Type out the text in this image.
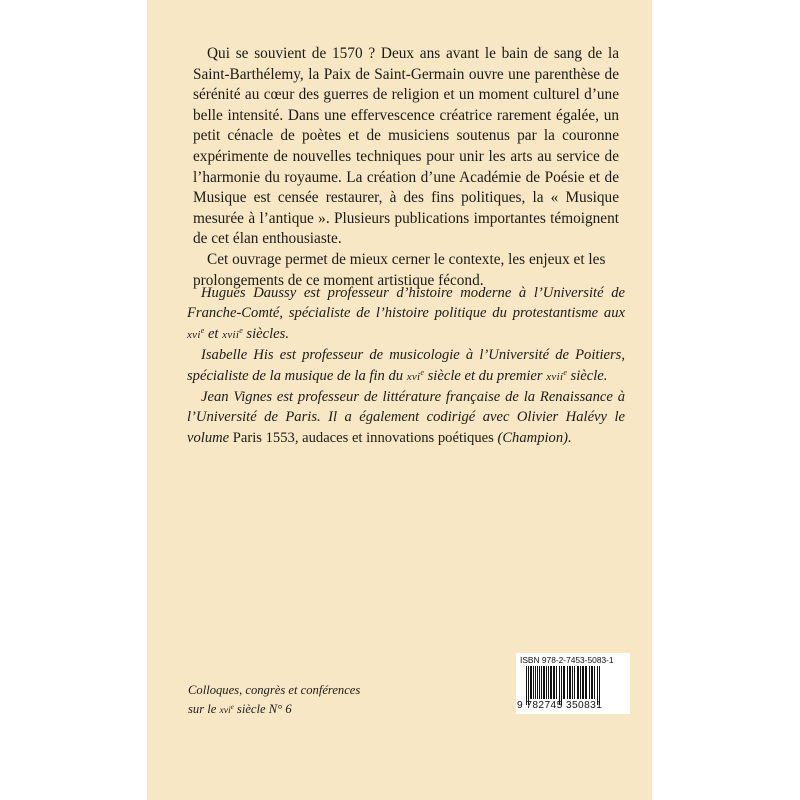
Qui se souvient de 1570 ? Deux ans avant le bain de sang de la Saint-Barthélemy, la Paix de Saint-Germain ouvre une parenthèse de sérénité au cœur des guerres de religion et un moment culturel d’une belle intensité. Dans une effervescence créatrice rarement égalée, un petit cénacle de poètes et de musiciens soutenus par la couronne expérimente de nouvelles techniques pour unir les arts au service de l’harmonie du royaume. La création d’une Académie de Poésie et de Musique est censée restaurer, à des fins politiques, la « Musique mesurée à l’antique ». Plusieurs publications importantes témoignent de cet élan enthousiaste.

Cet ouvrage permet de mieux cerner le contexte, les enjeux et les prolongements de ce moment artistique fécond.

Hugues Daussy est professeur d’histoire moderne à l’Université de Franche-Comté, spécialiste de l’histoire politique du protestantisme aux xvi$^e$ et xvii$^e$ siècles.

Isabelle His est professeur de musicologie à l’Université de Poitiers, spécialiste de la musique de la fin du xvi$^e$ siècle et du premier xvii$^e$ siècle.

Jean Vignes est professeur de littérature française de la Renaissance à l’Université de Paris. Il a également codirigé avec Olivier Halévy le volume Paris 1553, audaces et innovations poétiques (Champion).

Colloques, congrès et conférences
sur le xvi$^e$ siècle N° 6
ISBN 978-2-7453-5083-1
9 782745 350831
